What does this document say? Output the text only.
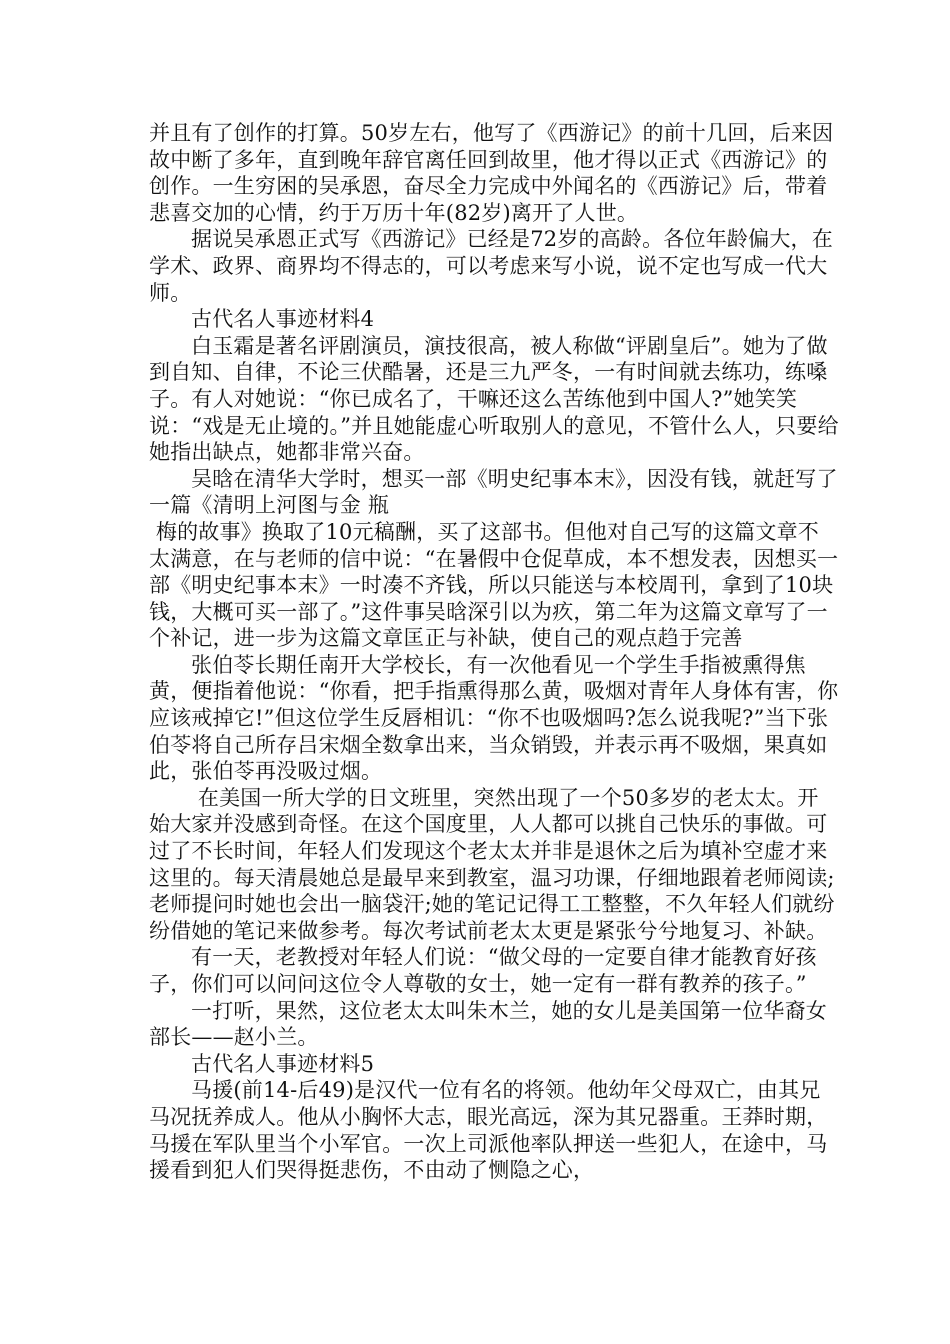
并且有了创作的打算。50岁左右，他写了《西游记》的前十几回，后来因故中断了多年，直到晚年辞官离任回到故里，他才得以正式《西游记》的创作。一生穷困的吴承恩，奋尽全力完成中外闻名的《西游记》后，带着悲喜交加的心情，约于万历十年(82岁)离开了人世。

据说吴承恩正式写《西游记》已经是72岁的高龄。各位年龄偏大，在学术、政界、商界均不得志的，可以考虑来写小说，说不定也写成一代大师。

古代名人事迹材料4

白玉霜是著名评剧演员，演技很高，被人称做“评剧皇后”。她为了做到自知、自律，不论三伏酷暑，还是三九严冬，一有时间就去练功，练嗓子。有人对她说：“你已成名了，干嘛还这么苦练他到中国人?”她笑笑说：“戏是无止境的。”并且她能虚心听取别人的意见，不管什么人，只要给她指出缺点，她都非常兴奋。

吴晗在清华大学时，想买一部《明史纪事本末》，因没有钱，就赶写了一篇《清明上河图与金 瓶

梅的故事》换取了10元稿酬，买了这部书。但他对自己写的这篇文章不太满意，在与老师的信中说：“在暑假中仓促草成，本不想发表，因想买一部《明史纪事本末》一时凑不齐钱，所以只能送与本校周刊，拿到了10块钱，大概可买一部了。”这件事吴晗深引以为疚，第二年为这篇文章写了一个补记，进一步为这篇文章匡正与补缺，使自己的观点趋于完善

张伯苓长期任南开大学校长，有一次他看见一个学生手指被熏得焦黄，便指着他说：“你看，把手指熏得那么黄，吸烟对青年人身体有害，你应该戒掉它!”但这位学生反唇相讥：“你不也吸烟吗?怎么说我呢?”当下张伯苓将自己所存吕宋烟全数拿出来，当众销毁，并表示再不吸烟，果真如此，张伯苓再没吸过烟。

在美国一所大学的日文班里，突然出现了一个50多岁的老太太。开始大家并没感到奇怪。在这个国度里，人人都可以挑自己快乐的事做。可过了不长时间，年轻人们发现这个老太太并非是退休之后为填补空虚才来这里的。每天清晨她总是最早来到教室，温习功课，仔细地跟着老师阅读;老师提问时她也会出一脑袋汗;她的笔记记得工工整整，不久年轻人们就纷纷借她的笔记来做参考。每次考试前老太太更是紧张兮兮地复习、补缺。

有一天，老教授对年轻人们说：“做父母的一定要自律才能教育好孩子，你们可以问问这位令人尊敬的女士，她一定有一群有教养的孩子。”

一打听，果然，这位老太太叫朱木兰，她的女儿是美国第一位华裔女部长——赵小兰。

古代名人事迹材料5

马援(前14-后49)是汉代一位有名的将领。他幼年父母双亡，由其兄马况抚养成人。他从小胸怀大志，眼光高远，深为其兄器重。王莽时期，马援在军队里当个小军官。一次上司派他率队押送一些犯人，在途中，马援看到犯人们哭得挺悲伤，不由动了恻隐之心，
